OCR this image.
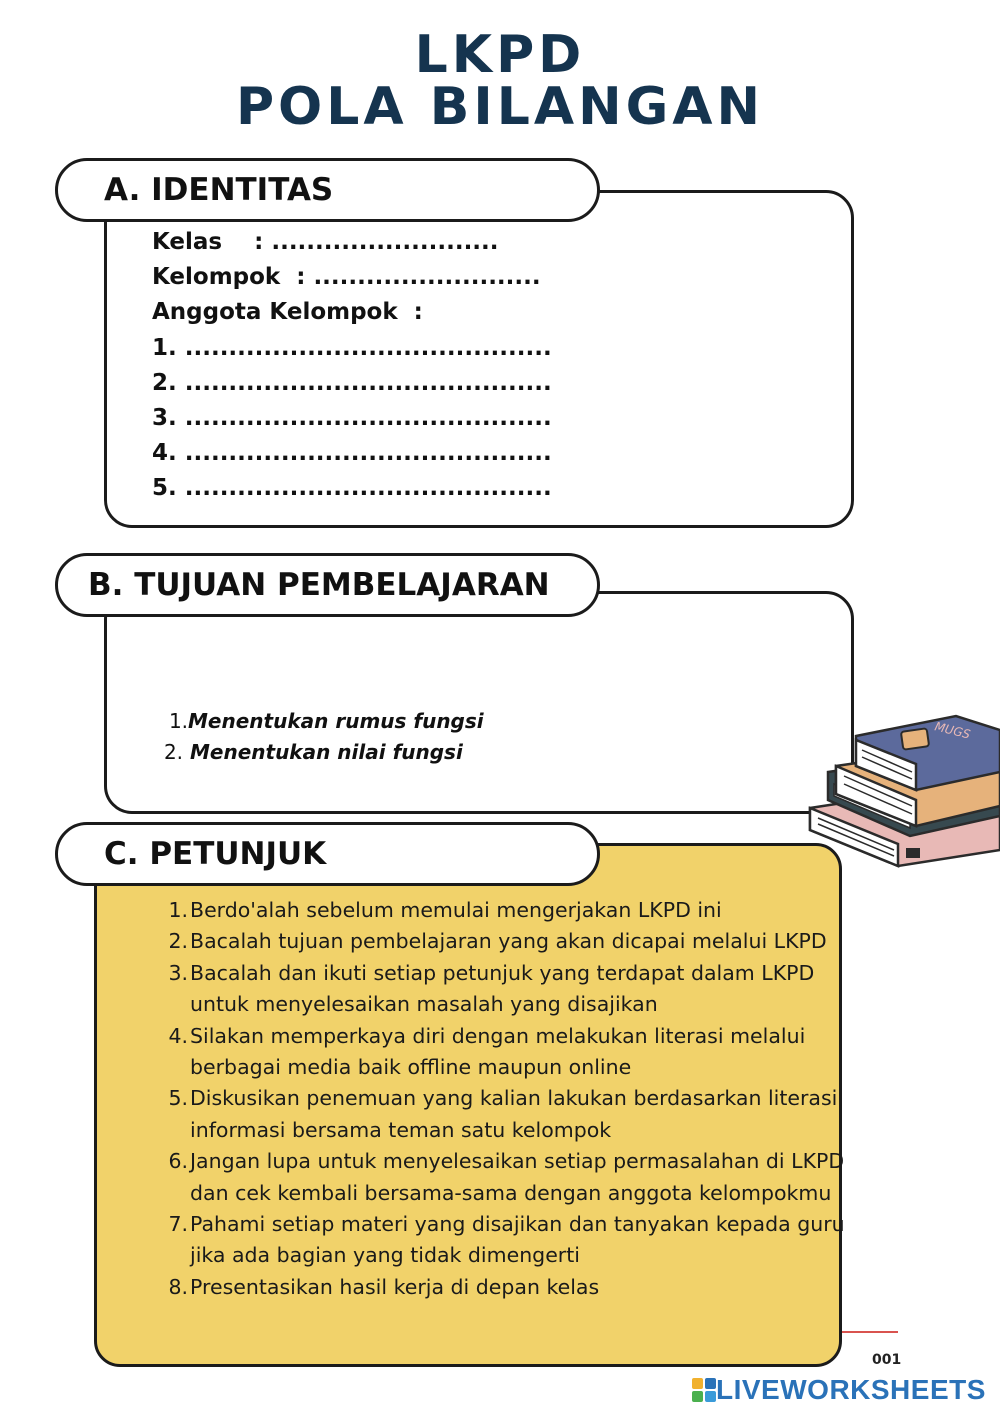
LKPD
POLA BILANGAN
A. IDENTITAS
Kelas    : ..........................
Kelompok  : ..........................
Anggota Kelompok  :
1. ..........................................
2. ..........................................
3. ..........................................
4. ..........................................
5. ..........................................
B. TUJUAN PEMBELAJARAN

1.Menentukan rumus fungsi

2. Menentukan nilai fungsi

MUGS
C. PETUNJUK
1. Berdo'alah sebelum memulai mengerjakan LKPD ini
2. Bacalah tujuan pembelajaran yang akan dicapai melalui LKPD
3. Bacalah dan ikuti setiap petunjuk yang terdapat dalam LKPD untuk menyelesaikan masalah yang disajikan
4. Silakan memperkaya diri dengan melakukan literasi melalui berbagai media baik offline maupun online
5. Diskusikan penemuan yang kalian lakukan berdasarkan literasi informasi bersama teman satu kelompok
6. Jangan lupa untuk menyelesaikan setiap permasalahan di LKPD dan cek kembali bersama-sama dengan anggota kelompokmu
7. Pahami setiap materi yang disajikan dan tanyakan kepada guru jika ada bagian yang tidak dimengerti
8. Presentasikan hasil kerja di depan kelas
001
LIVEWORKSHEETS
